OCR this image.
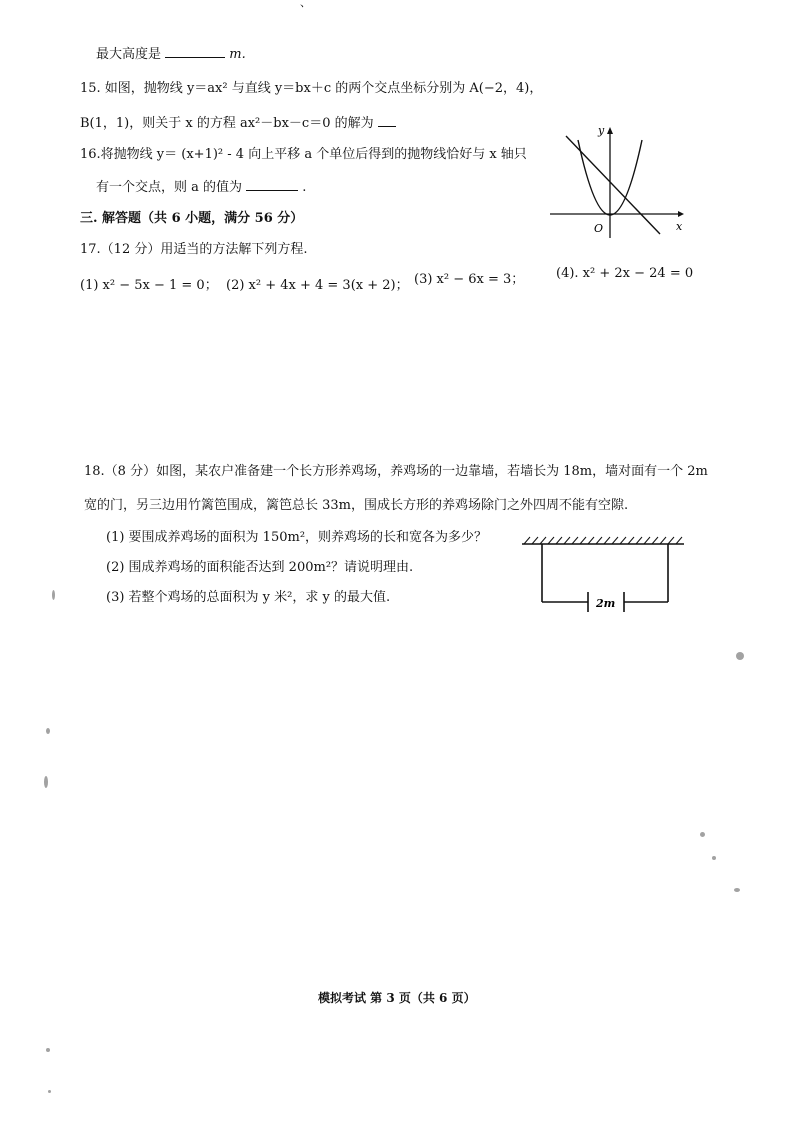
、
最大高度是	m.
15. 如图，抛物线 y＝ax² 与直线 y＝bx＋c 的两个交点坐标分别为 A(−2，4)，
B(1，1)，则关于 x 的方程 ax²－bx－c＝0 的解为
16.将抛物线 y＝ (x+1)² - 4 向上平移 a 个单位后得到的抛物线恰好与 x 轴只
有一个交点，则 a 的值为	.
y
x
O
三. 解答题（共 6 小题，满分 56 分）
17.（12 分）用适当的方法解下列方程.
(1) x² − 5x − 1 = 0； (2) x² + 4x + 4 = 3(x + 2)； (3) x² − 6x = 3； (4). x² + 2x − 24 = 0
18.（8 分）如图，某农户准备建一个长方形养鸡场，养鸡场的一边靠墙，若墙长为 18m，墙对面有一个 2m
宽的门，另三边用竹篱笆围成，篱笆总长 33m，围成长方形的养鸡场除门之外四周不能有空隙.
(1) 要围成养鸡场的面积为 150m²，则养鸡场的长和宽各为多少？
(2) 围成养鸡场的面积能否达到 200m²？请说明理由.
(3) 若整个鸡场的总面积为 y 米²，求 y 的最大值.	2m
模拟考试 第 3 页（共 6 页）
